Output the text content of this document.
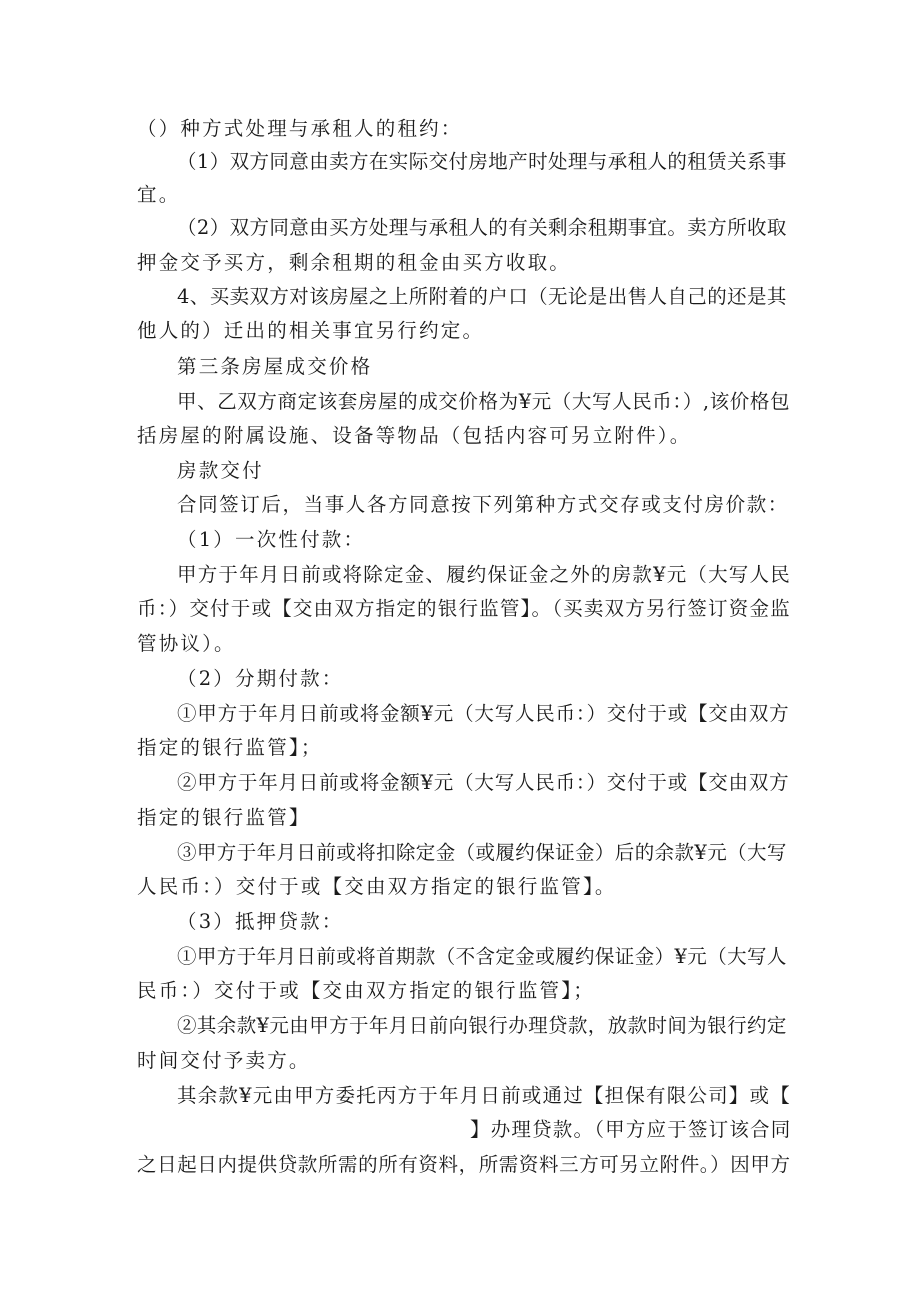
（）种方式处理与承租人的租约：
（1）双方同意由卖方在实际交付房地产时处理与承租人的租赁关系事
宜。
（2）双方同意由买方处理与承租人的有关剩余租期事宜。卖方所收取
押金交予买方，剩余租期的租金由买方收取。
4、买卖双方对该房屋之上所附着的户口（无论是出售人自己的还是其
他人的）迁出的相关事宜另行约定。
第三条房屋成交价格
甲、乙双方商定该套房屋的成交价格为¥元（大写人民币：）,该价格包
括房屋的附属设施、设备等物品（包括内容可另立附件）。
房款交付
合同签订后，当事人各方同意按下列第种方式交存或支付房价款：
（1）一次性付款：
甲方于年月日前或将除定金、履约保证金之外的房款¥元（大写人民
币：）交付于或【交由双方指定的银行监管】。（买卖双方另行签订资金监
管协议）。
（2）分期付款：
①甲方于年月日前或将金额¥元（大写人民币：）交付于或【交由双方
指定的银行监管】；
②甲方于年月日前或将金额¥元（大写人民币：）交付于或【交由双方
指定的银行监管】
③甲方于年月日前或将扣除定金（或履约保证金）后的余款¥元（大写
人民币：）交付于或【交由双方指定的银行监管】。
（3）抵押贷款：
①甲方于年月日前或将首期款（不含定金或履约保证金）¥元（大写人
民币：）交付于或【交由双方指定的银行监管】；
②其余款¥元由甲方于年月日前向银行办理贷款，放款时间为银行约定
时间交付予卖方。
其余款¥元由甲方委托丙方于年月日前或通过【担保有限公司】或【
】办理贷款。（甲方应于签订该合同
之日起日内提供贷款所需的所有资料，所需资料三方可另立附件。）因甲方
